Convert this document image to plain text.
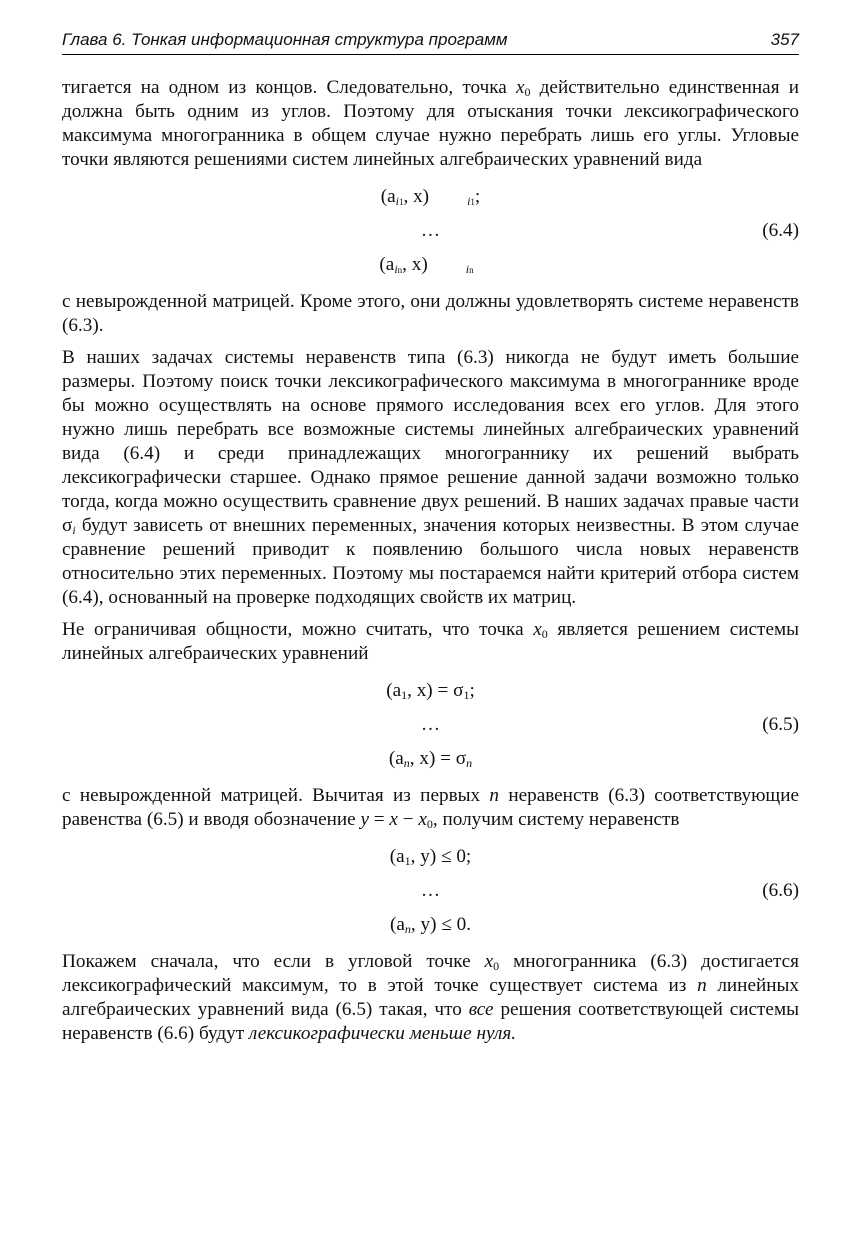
Глава 6. Тонкая информационная структура программ	357

тигается на одном из концов. Следовательно, точка $x_0$ действительно единственная и должна быть одним из углов. Поэтому для отыскания точки лексикографического максимума многогранника в общем случае нужно перебрать лишь его углы. Угловые точки являются решениями систем линейных алгебраических уравнений вида

($a_{i1}$, x)	$_{i1}$;
…
($a_{in}$, x)	$_{in}$
(6.4)

с невырожденной матрицей. Кроме этого, они должны удовлетворять системе неравенств (6.3).

В наших задачах системы неравенств типа (6.3) никогда не будут иметь большие размеры. Поэтому поиск точки лексикографического максимума в многограннике вроде бы можно осуществлять на основе прямого исследования всех его углов. Для этого нужно лишь перебрать все возможные системы линейных алгебраических уравнений вида (6.4) и среди принадлежащих многограннику их решений выбрать лексикографически старшее. Однако прямое решение данной задачи возможно только тогда, когда можно осуществить сравнение двух решений. В наших задачах правые части $\sigma_i$ будут зависеть от внешних переменных, значения которых неизвестны. В этом случае сравнение решений приводит к появлению большого числа новых неравенств относительно этих переменных. Поэтому мы постараемся найти критерий отбора систем (6.4), основанный на проверке подходящих свойств их матриц.

Не ограничивая общности, можно считать, что точка $x_0$ является решением системы линейных алгебраических уравнений

($a_1$, $x) = \sigma_1$;
…
($a_n$, $x) = \sigma_n$
(6.5)

с невырожденной матрицей. Вычитая из первых n неравенств (6.3) соответствующие равенства (6.5) и вводя обозначение $y = x - x_0$, получим систему неравенств

($a_1$, y) ≤ 0;
…
($a_n$, y) ≤ 0.
(6.6)

Покажем сначала, что если в угловой точке $x_0$ многогранника (6.3) достигается лексикографический максимум, то в этой точке существует система из n линейных алгебраических уравнений вида (6.5) такая, что все решения соответствующей системы неравенств (6.6) будут лексикографически меньше нуля.
